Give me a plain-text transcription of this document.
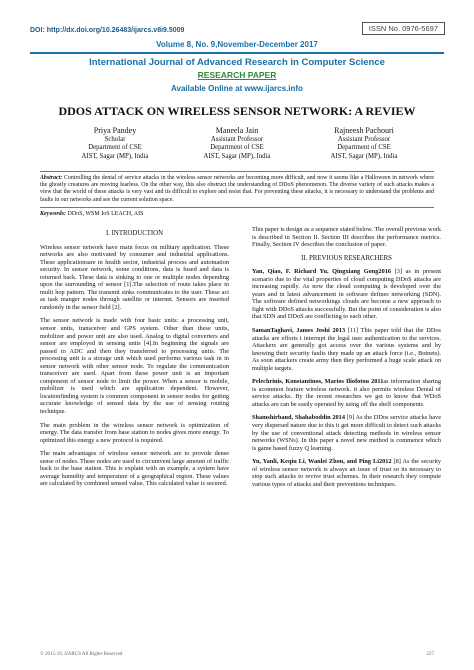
DOI: http://dx.doi.org/10.26483/ijarcs.v8i9.5009	ISSN No. 0976-5697
Volume 8, No. 9,November-December 2017
International Journal of Advanced Research in Computer Science
RESEARCH PAPER
Available Online at www.ijarcs.info
DDOS ATTACK ON WIRELESS SENSOR NETWORK: A REVIEW
Priya Pandey
Scholar
Department of CSE
AIST, Sagar (MP), India
Maneela Jain
Assistant Professor
Department of CSE
AIST, Sagar (MP), India
Rajneesh Pachouri
Assistant Professor
Department of CSE
AIST, Sagar (MP), India
Abstract: Controlling the denial of service attacks in the wireless sensor networks are becoming more difficult, and now it seems like a Halloween in network where the ghostly creatures are moving fearless. On the other way, this also obstruct the understanding of DDoS phenomenon. The diverse variety of such attacks makes a view that the world of these attacks is very vast and its difficult to explore and resist that. For preventing these attacks, it is necessary to understand the problems and faults in our networks and see the current solution space.
Keywords: DDoS, WSM IoS LEACH, AIS
I. INTRODUCTION

Wireless sensor network have main focus on military application. These networks are also motivated by consumer and industrial applications. These applicationsare in health sector, industrial process and automation security. In sensor network, some conditions, data is fused and data is returned back. These data is sinking to one or multiple nodes depending upon the surrounding of sensor [1].The selection of route takes place in multi hop pattern. The transmit sinks communicates to the user. These act as task manger nodes through satellite or internet. Sensors are inserted randomly in the sensor field [2].

The sensor network is made with four basic units: a processing unit, sensor units, transceiver and GPS system. Other than these units, mobilizer and power unit are also used. Analog to digital converters and sensor are employed in sensing units [4].In beginning the signals are passed to ADC and then they transferred to processing units. The processing unit is a storage unit which used performs various task in in sensor network with other sensor node. To regulate the communication transceiver are used. Apart from these power unit is an important component of sensor node to limit the power. When a sensor is mobile, mobilizer is used which are application dependent. However, locationfinding system is common component in sensor nodes for getting accurate knowledge of sensed data by the use of sensing routing technique.

The main problem in the wireless sensor network is optimization of energy. The data transfer from base station to nodes gives more energy. To optimized this energy a new protocol is required.

The main advantages of wireless sensor network are to provide dense sense of nodes. These nodes are used to circumvent large amount of traffic back to the base station. This is explain with an example, a system have average humidity and temperature of a geographical region. These values are calculated by combined sensed value. This calculated value is secured.

This paper is design as a sequence stated below. The overall previous work is described in Section II. Section III describes the performance metrics. Finally, Section IV describes the conclusion of paper.

II. PREVIOUS RESEARCHERS

Yan, Qiao, F. Richard Yu, Qingxiang Gong2016 [3] as in present scenario due to the vital properties of cloud computing DDoS attacks are increasing rapidly. As now the cloud computing is developed over the years and in latest advancement in software defines networking (SDN). The software defined networkings clouds are become a new approach to fight with DDoS attacks successfully. But the point of consideration is also that SDN and DDoS are conflicting to each other.

SamanTaghavi, James Joshi 2013 [11] This paper told that the DDos attacks are efforts t interrupt the legal user authentication to the services. Attackers are generally got access over the various systems and by knowing their security faults they made up an attack force (i.e., Botnets). As soon attackers create army then they performed a huge scale attack on multiple targets.

Pelechrinis, Konstantinos, Marios Iliofotou 2011as information sharing is acommon feature wireless network. it also permits wireless Denial of service attacks. By the recent researches we get to know that WDoS attacks are can be easily operated by using off the shelf components.

Shamshirband, Shahaboddin 2014 [9] As the DDos service attacks have very dispersed nature due to this it get more difficult to detect such attacks by the use of conventional attack detecting methods in wireless sensor networks (WSNs). In this paper a novel new method is commence which is game based fuzzy Q learning.

Yu, Yanli, Keqiu Li, Wanlei Zhou, and Ping Li2012 [8] As the security of wireless sensor network is always an issue of trust so its necessary to stop such attacks to revive trust schemes. In their research they compute various types of attacks and their preventions techniques.

© 2015-19, IJARCS All Rights Reserved	227
